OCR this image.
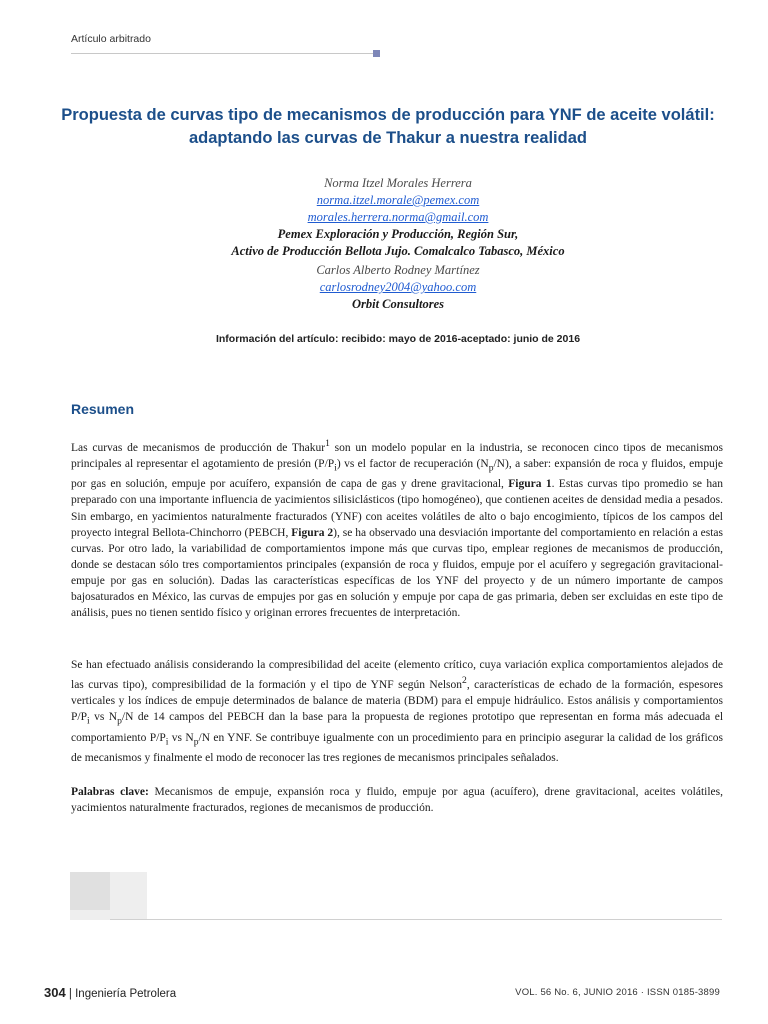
Artículo arbitrado
Propuesta de curvas tipo de mecanismos de producción para YNF de aceite volátil: adaptando las curvas de Thakur a nuestra realidad
Norma Itzel Morales Herrera
norma.itzel.morale@pemex.com
morales.herrera.norma@gmail.com
Pemex Exploración y Producción, Región Sur,
Activo de Producción Bellota Jujo. Comalcalco Tabasco, México
Carlos Alberto Rodney Martínez
carlosrodney2004@yahoo.com
Orbit Consultores
Información del artículo: recibido: mayo de 2016-aceptado: junio de 2016
Resumen

Las curvas de mecanismos de producción de Thakur$^1$ son un modelo popular en la industria, se reconocen cinco tipos de mecanismos principales al representar el agotamiento de presión $(P/P_i)$ vs el factor de recuperación $(N_p/N)$, a saber: expansión de roca y fluidos, empuje por gas en solución, empuje por acuífero, expansión de capa de gas y drene gravitacional, Figura 1. Estas curvas tipo promedio se han preparado con una importante influencia de yacimientos silisiclásticos (tipo homogéneo), que contienen aceites de densidad media a pesados. Sin embargo, en yacimientos naturalmente fracturados (YNF) con aceites volátiles de alto o bajo encogimiento, típicos de los campos del proyecto integral Bellota-Chinchorro (PEBCH, Figura 2), se ha observado una desviación importante del comportamiento en relación a estas curvas. Por otro lado, la variabilidad de comportamientos impone más que curvas tipo, emplear regiones de mecanismos de producción, donde se destacan sólo tres comportamientos principales (expansión de roca y fluidos, empuje por el acuífero y segregación gravitacional-empuje por gas en solución). Dadas las características específicas de los YNF del proyecto y de un número importante de campos bajosaturados en México, las curvas de empujes por gas en solución y empuje por capa de gas primaria, deben ser excluidas en este tipo de análisis, pues no tienen sentido físico y originan errores frecuentes de interpretación.

Se han efectuado análisis considerando la compresibilidad del aceite (elemento crítico, cuya variación explica comportamientos alejados de las curvas tipo), compresibilidad de la formación y el tipo de YNF según Nelson$^2$, características de echado de la formación, espesores verticales y los índices de empuje determinados de balance de materia (BDM) para el empuje hidráulico. Estos análisis y comportamientos $P/P_i$ vs $N_p/N$ de 14 campos del PEBCH dan la base para la propuesta de regiones prototipo que representan en forma más adecuada el comportamiento $P/P_i$ vs $N_p/N$ en YNF. Se contribuye igualmente con un procedimiento para en principio asegurar la calidad de los gráficos de mecanismos y finalmente el modo de reconocer las tres regiones de mecanismos principales señalados.

Palabras clave: Mecanismos de empuje, expansión roca y fluido, empuje por agua (acuífero), drene gravitacional, aceites volátiles, yacimientos naturalmente fracturados, regiones de mecanismos de producción.

304 | Ingeniería Petrolera	VOL. 56 No. 6, JUNIO 2016 · ISSN 0185-3899
